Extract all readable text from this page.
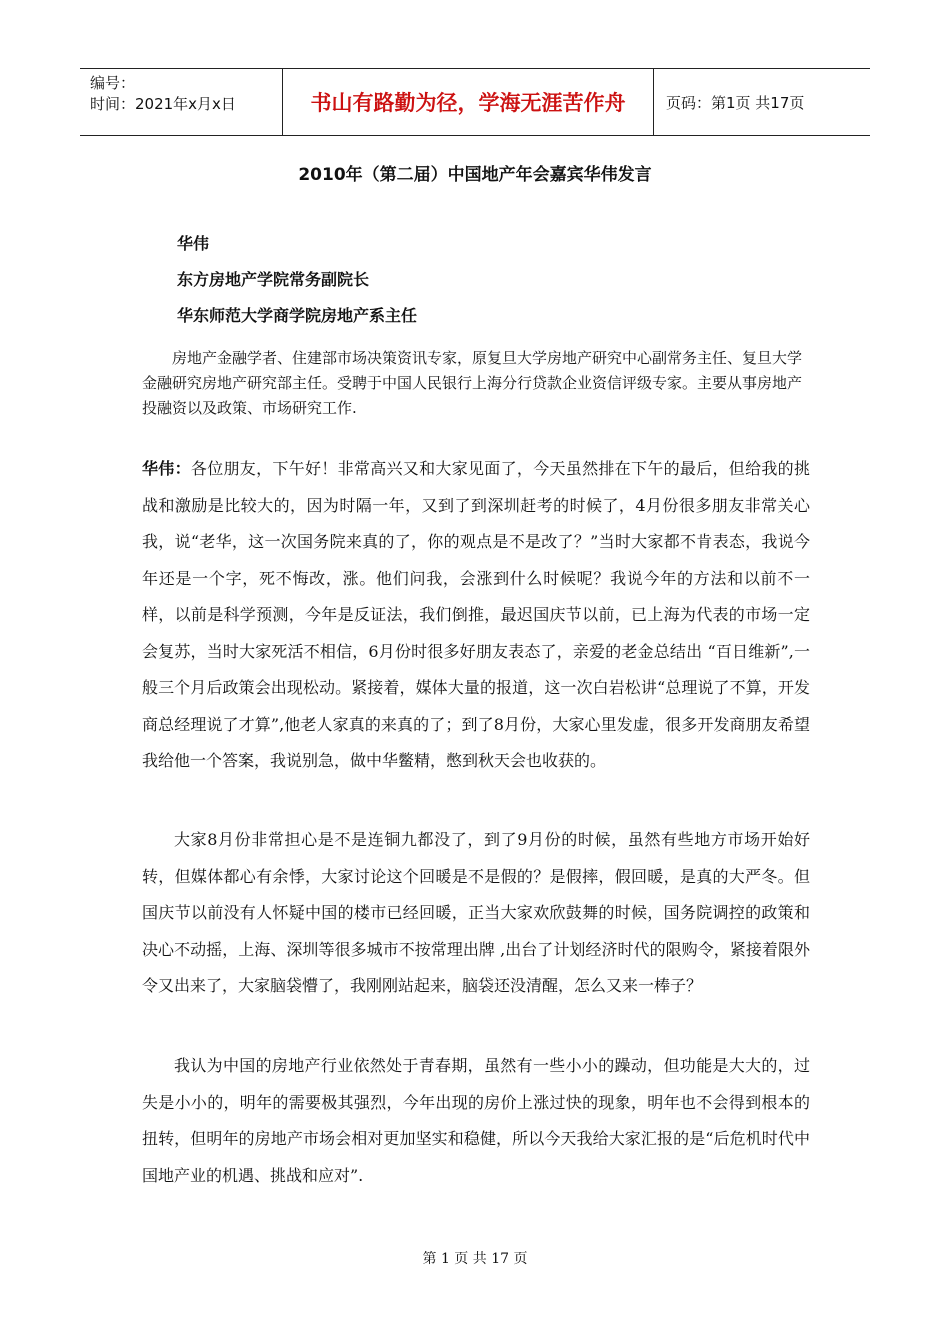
编号：
时间：2021年x月x日	书山有路勤为径，学海无涯苦作舟	页码：第1页 共17页
2010年（第二届）中国地产年会嘉宾华伟发言
华伟
东方房地产学院常务副院长
华东师范大学商学院房地产系主任

房地产金融学者、住建部市场决策资讯专家，原复旦大学房地产研究中心副常务主任、复旦大学金融研究房地产研究部主任。受聘于中国人民银行上海分行贷款企业资信评级专家。主要从事房地产投融资以及政策、市场研究工作.

华伟：各位朋友，下午好！非常高兴又和大家见面了，今天虽然排在下午的最后，但给我的挑战和激励是比较大的，因为时隔一年，又到了到深圳赶考的时候了，4月份很多朋友非常关心我，说“老华，这一次国务院来真的了，你的观点是不是改了？”当时大家都不肯表态，我说今年还是一个字，死不悔改，涨。他们问我，会涨到什么时候呢？我说今年的方法和以前不一样，以前是科学预测，今年是反证法，我们倒推，最迟国庆节以前，已上海为代表的市场一定会复苏，当时大家死活不相信，6月份时很多好朋友表态了，亲爱的老金总结出 “百日维新”,一般三个月后政策会出现松动。紧接着，媒体大量的报道，这一次白岩松讲“总理说了不算，开发商总经理说了才算”,他老人家真的来真的了；到了8月份，大家心里发虚，很多开发商朋友希望我给他一个答案，我说别急，做中华鳖精，憋到秋天会也收获的。

大家8月份非常担心是不是连铜九都没了，到了9月份的时候，虽然有些地方市场开始好转，但媒体都心有余悸，大家讨论这个回暖是不是假的？是假摔，假回暖，是真的大严冬。但国庆节以前没有人怀疑中国的楼市已经回暖，正当大家欢欣鼓舞的时候，国务院调控的政策和决心不动摇，上海、深圳等很多城市不按常理出牌 ,出台了计划经济时代的限购令，紧接着限外令又出来了，大家脑袋懵了，我刚刚站起来，脑袋还没清醒，怎么又来一棒子？

我认为中国的房地产行业依然处于青春期，虽然有一些小小的躁动，但功能是大大的，过失是小小的，明年的需要极其强烈，今年出现的房价上涨过快的现象，明年也不会得到根本的扭转，但明年的房地产市场会相对更加坚实和稳健，所以今天我给大家汇报的是“后危机时代中国地产业的机遇、挑战和应对”.

第 1 页 共 17 页
